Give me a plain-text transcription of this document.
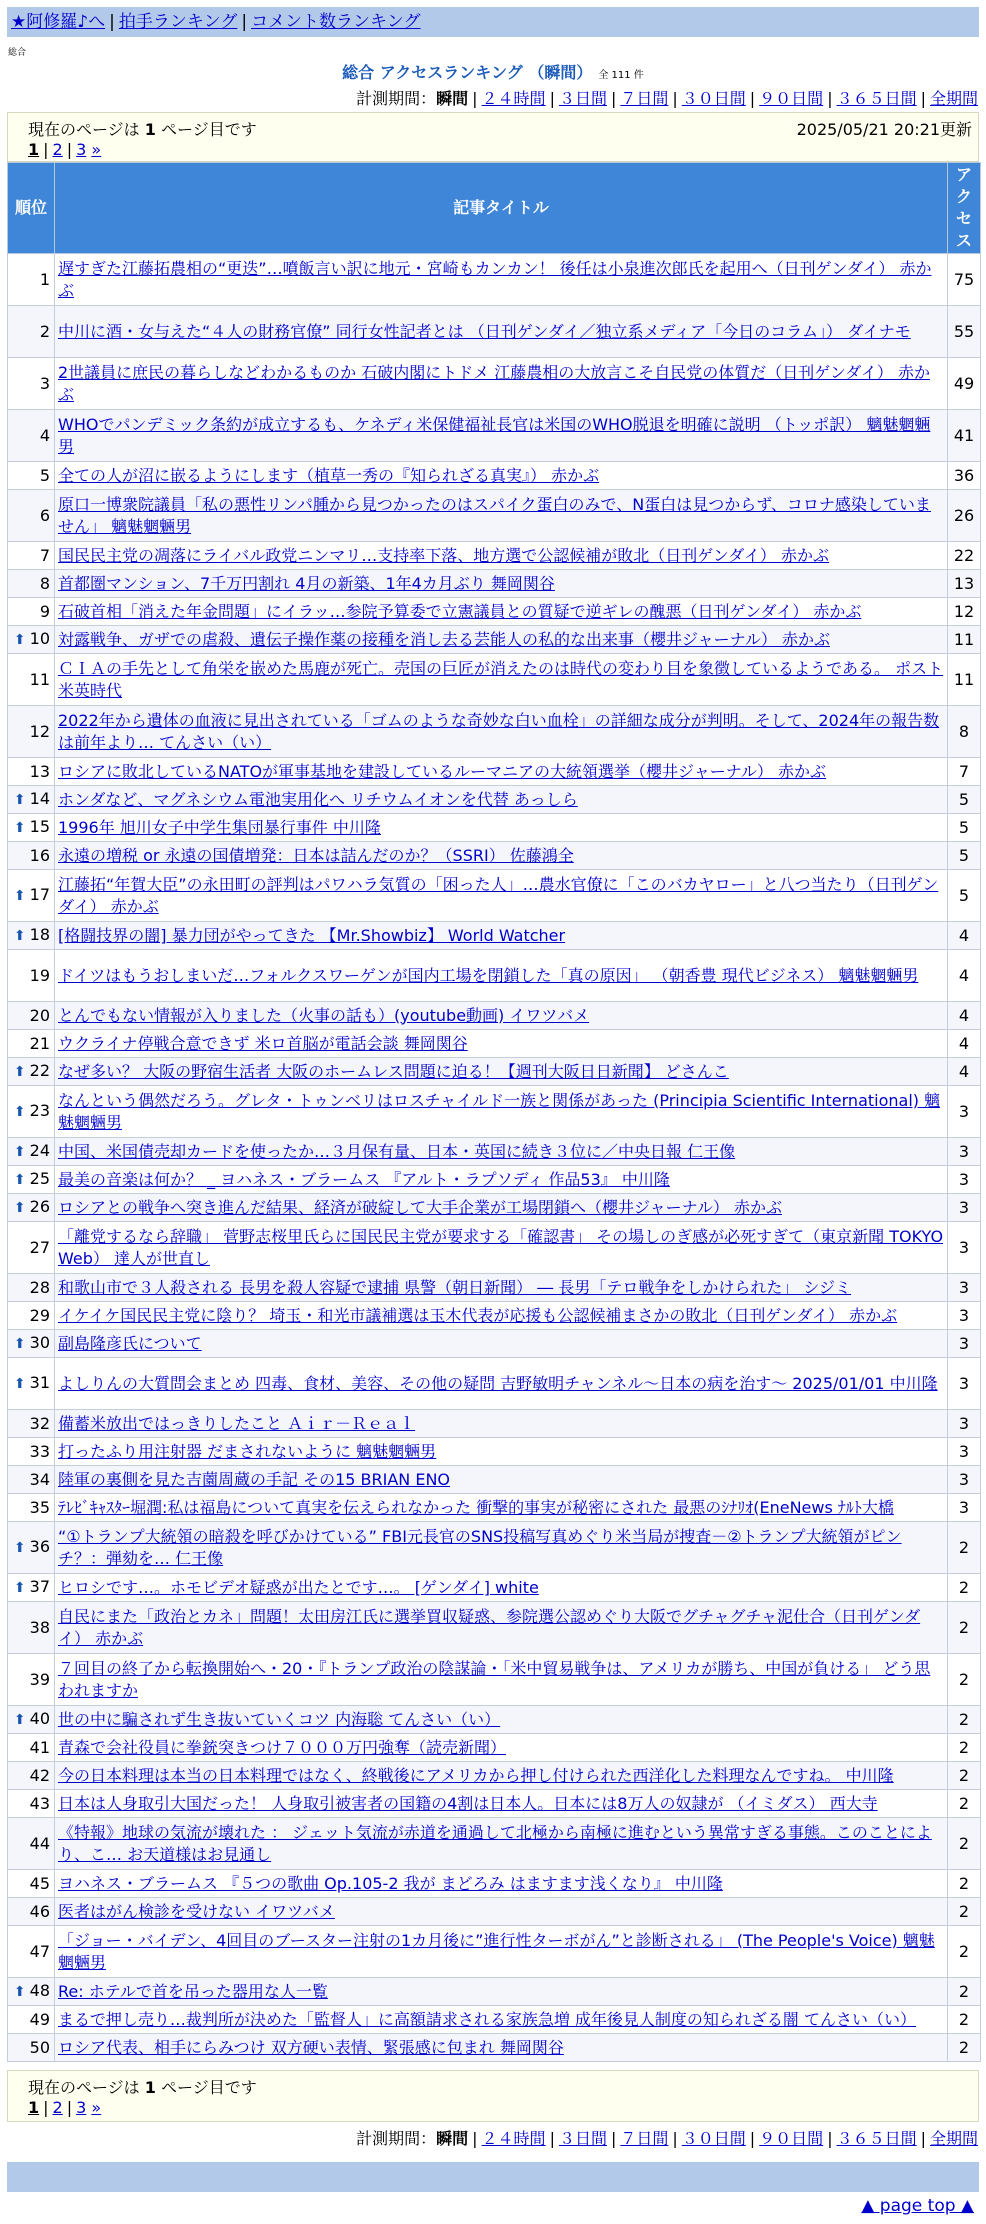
★阿修羅♪へ | 拍手ランキング | コメント数ランキング
総合
総合 アクセスランキング （瞬間） 全 111 件
計測期間：瞬間 | ２４時間 | ３日間 | ７日間 | ３０日間 | ９０日間 | ３６５日間 | 全期間
現在のページは 1 ページ目です	2025/05/21 20:21更新
1 | 2 | 3 »
順位	記事タイトル	アクセス
1	遅すぎた江藤拓農相の“更迭”…噴飯言い訳に地元・宮崎もカンカン！ 後任は小泉進次郎氏を起用へ（日刊ゲンダイ） 赤かぶ	75
2	中川に酒・女与えた“４人の財務官僚” 同行女性記者とは （日刊ゲンダイ／独立系メディア「今日のコラム」） ダイナモ	55
3	2世議員に庶民の暮らしなどわかるものか 石破内閣にトドメ 江藤農相の大放言こそ自民党の体質だ（日刊ゲンダイ） 赤かぶ	49
4	WHOでパンデミック条約が成立するも、ケネディ米保健福祉長官は米国のWHO脱退を明確に説明 （トッポ訳） 魑魅魍魎男	41
5	全ての人が沼に嵌るようにします（植草一秀の『知られざる真実』） 赤かぶ	36
6	原口一博衆院議員「私の悪性リンパ腫から見つかったのはスパイク蛋白のみで、N蛋白は見つからず、コロナ感染していません」 魑魅魍魎男	26
7	国民民主党の凋落にライバル政党ニンマリ…支持率下落、地方選で公認候補が敗北（日刊ゲンダイ） 赤かぶ	22
8	首都圏マンション、7千万円割れ 4月の新築、1年4カ月ぶり 舞岡関谷	13
9	石破首相「消えた年金問題」にイラッ…参院予算委で立憲議員との質疑で逆ギレの醜悪（日刊ゲンダイ） 赤かぶ	12
⬆ 10	対露戦争、ガザでの虐殺、遺伝子操作薬の接種を消し去る芸能人の私的な出来事（櫻井ジャーナル） 赤かぶ	11
11	ＣＩＡの手先として角栄を嵌めた馬鹿が死亡。売国の巨匠が消えたのは時代の変わり目を象徴しているようである。 ポスト米英時代	11
12	2022年から遺体の血液に見出されている「ゴムのような奇妙な白い血栓」の詳細な成分が判明。そして、2024年の報告数は前年より… てんさい（い）	8
13	ロシアに敗北しているNATOが軍事基地を建設しているルーマニアの大統領選挙（櫻井ジャーナル） 赤かぶ	7
⬆ 14	ホンダなど、マグネシウム電池実用化へ リチウムイオンを代替 あっしら	5
⬆ 15	1996年 旭川女子中学生集団暴行事件 中川隆	5
16	永遠の増税 or 永遠の国債増発：日本は詰んだのか？（SSRI） 佐藤鴻全	5
⬆ 17	江藤拓“年賀大臣”の永田町の評判はパワハラ気質の「困った人」…農水官僚に「このバカヤロー」と八つ当たり（日刊ゲンダイ） 赤かぶ	5
⬆ 18	[格闘技界の闇] 暴力団がやってきた 【Mr.Showbiz】 World Watcher	4
19	ドイツはもうおしまいだ…フォルクスワーゲンが国内工場を閉鎖した「真の原因」 （朝香豊 現代ビジネス） 魑魅魍魎男	4
20	とんでもない情報が入りました（火事の話も）(youtube動画) イワツバメ	4
21	ウクライナ停戦合意できず 米ロ首脳が電話会談 舞岡関谷	4
⬆ 22	なぜ多い？ 大阪の野宿生活者 大阪のホームレス問題に迫る！【週刊大阪日日新聞】 どさんこ	4
⬆ 23	なんという偶然だろう。グレタ・トゥンベリはロスチャイルド一族と関係があった (Principia Scientific International) 魑魅魍魎男	3
⬆ 24	中国、米国債売却カードを使ったか…３月保有量、日本・英国に続き３位に／中央日報 仁王像	3
⬆ 25	最美の音楽は何か？ _ ヨハネス・ブラームス 『アルト・ラプソディ 作品53』 中川隆	3
⬆ 26	ロシアとの戦争へ突き進んだ結果、経済が破綻して大手企業が工場閉鎖へ（櫻井ジャーナル） 赤かぶ	3
27	「離党するなら辞職」 菅野志桜里氏らに国民民主党が要求する「確認書」 その場しのぎ感が必死すぎて（東京新聞 TOKYO Web） 達人が世直し	3
28	和歌山市で３人殺される 長男を殺人容疑で逮捕 県警（朝日新聞） ― 長男「テロ戦争をしかけられた」 シジミ	3
29	イケイケ国民民主党に陰り？ 埼玉・和光市議補選は玉木代表が応援も公認候補まさかの敗北（日刊ゲンダイ） 赤かぶ	3
⬆ 30	副島隆彦氏について	3
⬆ 31	よしりんの大質問会まとめ 四毒、食材、美容、その他の疑問 吉野敏明チャンネル～日本の病を治す～ 2025/01/01 中川隆	3
32	備蓄米放出ではっきりしたこと Ａｉｒ－Ｒｅａｌ	3
33	打ったふり用注射器 だまされないように 魑魅魍魎男	3
34	陸軍の裏側を見た吉薗周蔵の手記 その15 BRIAN ENO	3
35	ﾃﾚﾋﾞｷｬｽﾀｰ堀潤:私は福島について真実を伝えられなかった 衝撃的事実が秘密にされた 最悪のｼﾅﾘｵ(EneNews ﾅﾙﾄ大橋	3
⬆ 36	“①トランプ大統領の暗殺を呼びかけている” FBI元長官のSNS投稿写真めぐり米当局が捜査－②トランプ大統領がピンチ？：弾劾を… 仁王像	2
⬆ 37	ヒロシです…。ホモビデオ疑惑が出たとです…。 [ゲンダイ] white	2
38	自民にまた「政治とカネ」問題！太田房江氏に選挙買収疑惑、参院選公認めぐり大阪でグチャグチャ泥仕合（日刊ゲンダイ） 赤かぶ	2
39	７回目の終了から転換開始へ・20・『トランプ政治の陰謀論・「米中貿易戦争は、アメリカが勝ち、中国が負ける」 どう思われますか	2
⬆ 40	世の中に騙されず生き抜いていくコツ 内海聡 てんさい（い）	2
41	青森で会社役員に拳銃突きつけ７０００万円強奪（読売新聞）	2
42	今の日本料理は本当の日本料理ではなく、終戦後にアメリカから押し付けられた西洋化した料理なんですね。 中川隆	2
43	日本は人身取引大国だった！ 人身取引被害者の国籍の4割は日本人。日本には8万人の奴隷が （イミダス） 西大寺	2
44	《特報》地球の気流が壊れた ： ジェット気流が赤道を通過して北極から南極に進むという異常すぎる事態。このことにより、こ… お天道様はお見通し	2
45	ヨハネス・ブラームス 『５つの歌曲 Op.105-2 我が まどろみ はますます浅くなり』 中川隆	2
46	医者はがん検診を受けない イワツバメ	2
47	「ジョー・バイデン、4回目のブースター注射の1カ月後に”進行性ターボがん”と診断される」 (The People's Voice) 魑魅魍魎男	2
⬆ 48	Re: ホテルで首を吊った器用な人一覧	2
49	まるで押し売り…裁判所が決めた「監督人」に高額請求される家族急増 成年後見人制度の知られざる闇 てんさい（い）	2
50	ロシア代表、相手にらみつけ 双方硬い表情、緊張感に包まれ 舞岡関谷	2
現在のページは 1 ページ目です
1 | 2 | 3 »
計測期間：瞬間 | ２４時間 | ３日間 | ７日間 | ３０日間 | ９０日間 | ３６５日間 | 全期間
▲ page top ▲
